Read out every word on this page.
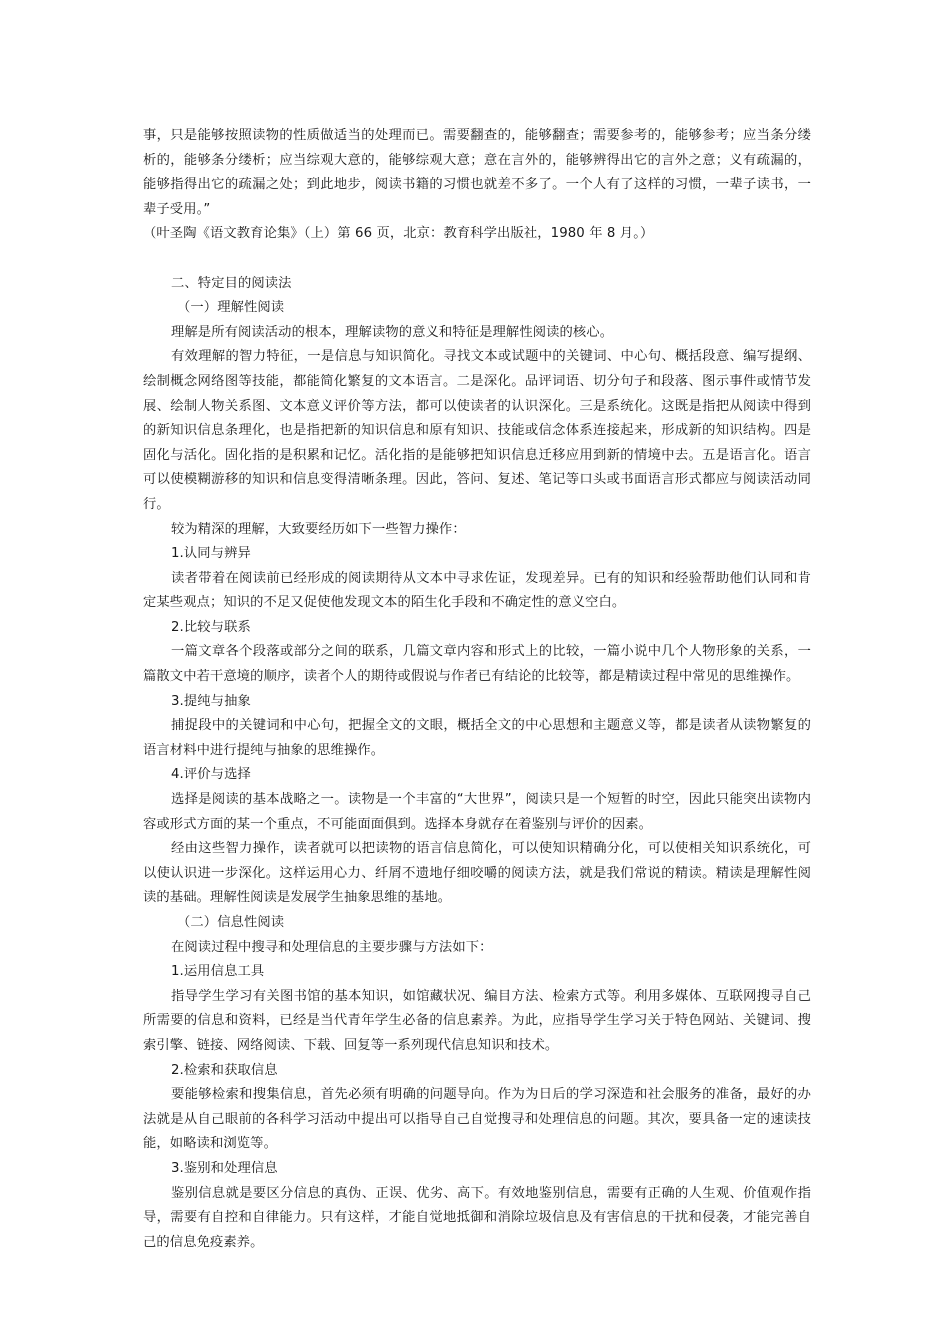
事，只是能够按照读物的性质做适当的处理而已。需要翻查的，能够翻查；需要参考的，能够参考；应当条分缕析的，能够条分缕析；应当综观大意的，能够综观大意；意在言外的，能够辨得出它的言外之意；义有疏漏的，能够指得出它的疏漏之处；到此地步，阅读书籍的习惯也就差不多了。一个人有了这样的习惯，一辈子读书，一辈子受用。”

（叶圣陶《语文教育论集》（上）第 66 页，北京：教育科学出版社，1980 年 8 月。）

二、特定目的阅读法

（一）理解性阅读

理解是所有阅读活动的根本，理解读物的意义和特征是理解性阅读的核心。

有效理解的智力特征，一是信息与知识简化。寻找文本或试题中的关键词、中心句、概括段意、编写提纲、绘制概念网络图等技能，都能简化繁复的文本语言。二是深化。品评词语、切分句子和段落、图示事件或情节发展、绘制人物关系图、文本意义评价等方法，都可以使读者的认识深化。三是系统化。这既是指把从阅读中得到的新知识信息条理化，也是指把新的知识信息和原有知识、技能或信念体系连接起来，形成新的知识结构。四是固化与活化。固化指的是积累和记忆。活化指的是能够把知识信息迁移应用到新的情境中去。五是语言化。语言可以使模糊游移的知识和信息变得清晰条理。因此，答问、复述、笔记等口头或书面语言形式都应与阅读活动同行。

较为精深的理解，大致要经历如下一些智力操作：

1.认同与辨异

读者带着在阅读前已经形成的阅读期待从文本中寻求佐证，发现差异。已有的知识和经验帮助他们认同和肯定某些观点；知识的不足又促使他发现文本的陌生化手段和不确定性的意义空白。

2.比较与联系

一篇文章各个段落或部分之间的联系，几篇文章内容和形式上的比较，一篇小说中几个人物形象的关系，一篇散文中若干意境的顺序，读者个人的期待或假说与作者已有结论的比较等，都是精读过程中常见的思维操作。

3.提纯与抽象

捕捉段中的关键词和中心句，把握全文的文眼，概括全文的中心思想和主题意义等，都是读者从读物繁复的语言材料中进行提纯与抽象的思维操作。

4.评价与选择

选择是阅读的基本战略之一。读物是一个丰富的“大世界”，阅读只是一个短暂的时空，因此只能突出读物内容或形式方面的某一个重点，不可能面面俱到。选择本身就存在着鉴别与评价的因素。

经由这些智力操作，读者就可以把读物的语言信息简化，可以使知识精确分化，可以使相关知识系统化，可以使认识进一步深化。这样运用心力、纤屑不遗地仔细咬嚼的阅读方法，就是我们常说的精读。精读是理解性阅读的基础。理解性阅读是发展学生抽象思维的基地。

（二）信息性阅读

在阅读过程中搜寻和处理信息的主要步骤与方法如下：

1.运用信息工具

指导学生学习有关图书馆的基本知识，如馆藏状况、编目方法、检索方式等。利用多媒体、互联网搜寻自己所需要的信息和资料，已经是当代青年学生必备的信息素养。为此，应指导学生学习关于特色网站、关键词、搜索引擎、链接、网络阅读、下载、回复等一系列现代信息知识和技术。

2.检索和获取信息

要能够检索和搜集信息，首先必须有明确的问题导向。作为为日后的学习深造和社会服务的准备，最好的办法就是从自己眼前的各科学习活动中提出可以指导自己自觉搜寻和处理信息的问题。其次，要具备一定的速读技能，如略读和浏览等。

3.鉴别和处理信息

鉴别信息就是要区分信息的真伪、正误、优劣、高下。有效地鉴别信息，需要有正确的人生观、价值观作指导，需要有自控和自律能力。只有这样，才能自觉地抵御和消除垃圾信息及有害信息的干扰和侵袭，才能完善自己的信息免疫素养。
